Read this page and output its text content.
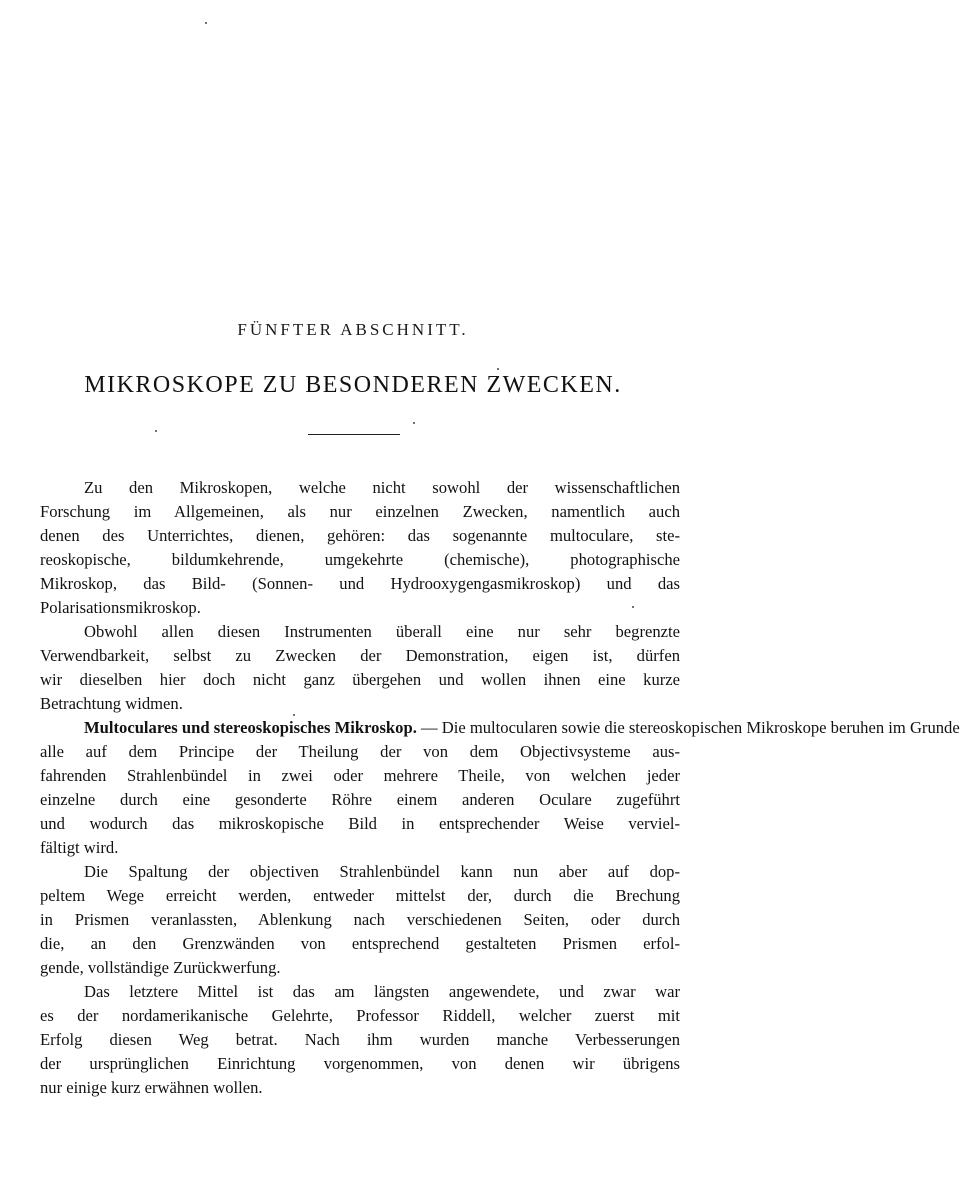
FÜNFTER ABSCHNITT.
MIKROSKOPE ZU BESONDEREN ZWECKEN.
Zu den Mikroskopen, welche nicht sowohl der wissenschaftlichen
Forschung im Allgemeinen, als nur einzelnen Zwecken, namentlich auch
denen des Unterrichtes, dienen, gehören: das sogenannte multoculare, ste-
reoskopische, bildumkehrende, umgekehrte (chemische), photographische
Mikroskop, das Bild- (Sonnen- und Hydrooxygengasmikroskop) und das
Polarisationsmikroskop.
Obwohl allen diesen Instrumenten überall eine nur sehr begrenzte
Verwendbarkeit, selbst zu Zwecken der Demonstration, eigen ist, dürfen
wir dieselben hier doch nicht ganz übergehen und wollen ihnen eine kurze
Betrachtung widmen.
Multoculares und stereoskopisches Mikroskop. — Die multocularen sowie die stereoskopischen Mikroskope beruhen im Grunde
alle auf dem Principe der Theilung der von dem Objectivsysteme aus-
fahrenden Strahlenbündel in zwei oder mehrere Theile, von welchen jeder
einzelne durch eine gesonderte Röhre einem anderen Oculare zugeführt
und wodurch das mikroskopische Bild in entsprechender Weise verviel-
fältigt wird.
Die Spaltung der objectiven Strahlenbündel kann nun aber auf dop-
peltem Wege erreicht werden, entweder mittelst der, durch die Brechung
in Prismen veranlassten, Ablenkung nach verschiedenen Seiten, oder durch
die, an den Grenzwänden von entsprechend gestalteten Prismen erfol-
gende, vollständige Zurückwerfung.
Das letztere Mittel ist das am längsten angewendete, und zwar war
es der nordamerikanische Gelehrte, Professor Riddell, welcher zuerst mit
Erfolg diesen Weg betrat. Nach ihm wurden manche Verbesserungen
der ursprünglichen Einrichtung vorgenommen, von denen wir übrigens
nur einige kurz erwähnen wollen.
